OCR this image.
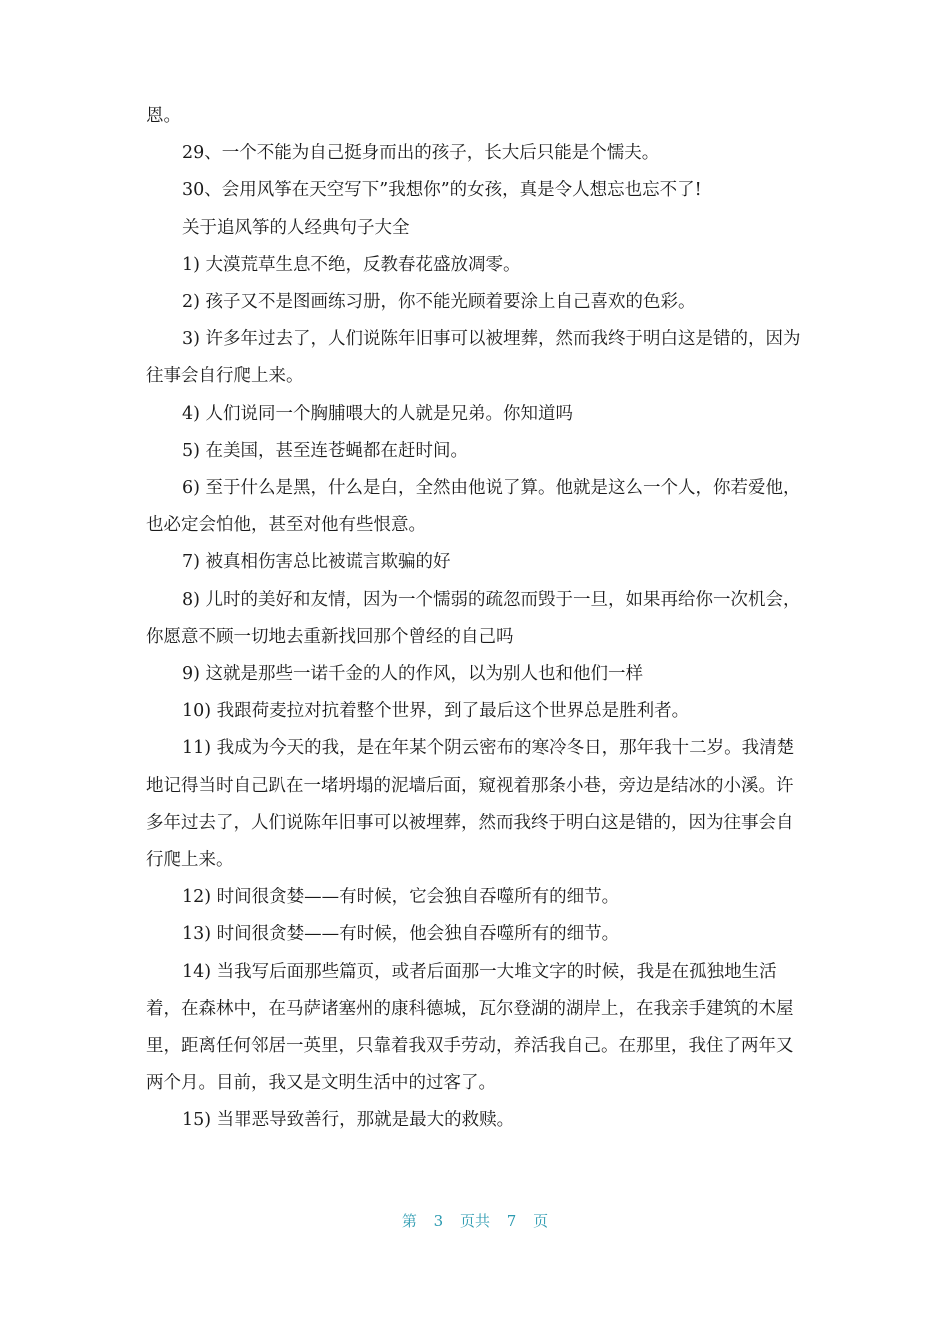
恩。

29、一个不能为自己挺身而出的孩子，长大后只能是个懦夫。

30、会用风筝在天空写下”我想你”的女孩，真是令人想忘也忘不了!

关于追风筝的人经典句子大全

1) 大漠荒草生息不绝，反教春花盛放凋零。

2) 孩子又不是图画练习册，你不能光顾着要涂上自己喜欢的色彩。

3) 许多年过去了，人们说陈年旧事可以被埋葬，然而我终于明白这是错的，因为往事会自行爬上来。

4) 人们说同一个胸脯喂大的人就是兄弟。你知道吗

5) 在美国，甚至连苍蝇都在赶时间。

6) 至于什么是黑，什么是白，全然由他说了算。他就是这么一个人，你若爱他，也必定会怕他，甚至对他有些恨意。

7) 被真相伤害总比被谎言欺骗的好

8) 儿时的美好和友情，因为一个懦弱的疏忽而毁于一旦，如果再给你一次机会，你愿意不顾一切地去重新找回那个曾经的自己吗

9) 这就是那些一诺千金的人的作风，以为别人也和他们一样

10) 我跟荷麦拉对抗着整个世界，到了最后这个世界总是胜利者。

11) 我成为今天的我，是在年某个阴云密布的寒冷冬日，那年我十二岁。我清楚地记得当时自己趴在一堵坍塌的泥墙后面，窥视着那条小巷，旁边是结冰的小溪。许多年过去了，人们说陈年旧事可以被埋葬，然而我终于明白这是错的，因为往事会自行爬上来。

12) 时间很贪婪——有时候，它会独自吞噬所有的细节。

13) 时间很贪婪——有时候，他会独自吞噬所有的细节。

14) 当我写后面那些篇页，或者后面那一大堆文字的时候，我是在孤独地生活着，在森林中，在马萨诸塞州的康科德城，瓦尔登湖的湖岸上，在我亲手建筑的木屋里，距离任何邻居一英里，只靠着我双手劳动，养活我自己。在那里，我住了两年又两个月。目前，我又是文明生活中的过客了。

15) 当罪恶导致善行，那就是最大的救赎。

第 3 页共 7 页
